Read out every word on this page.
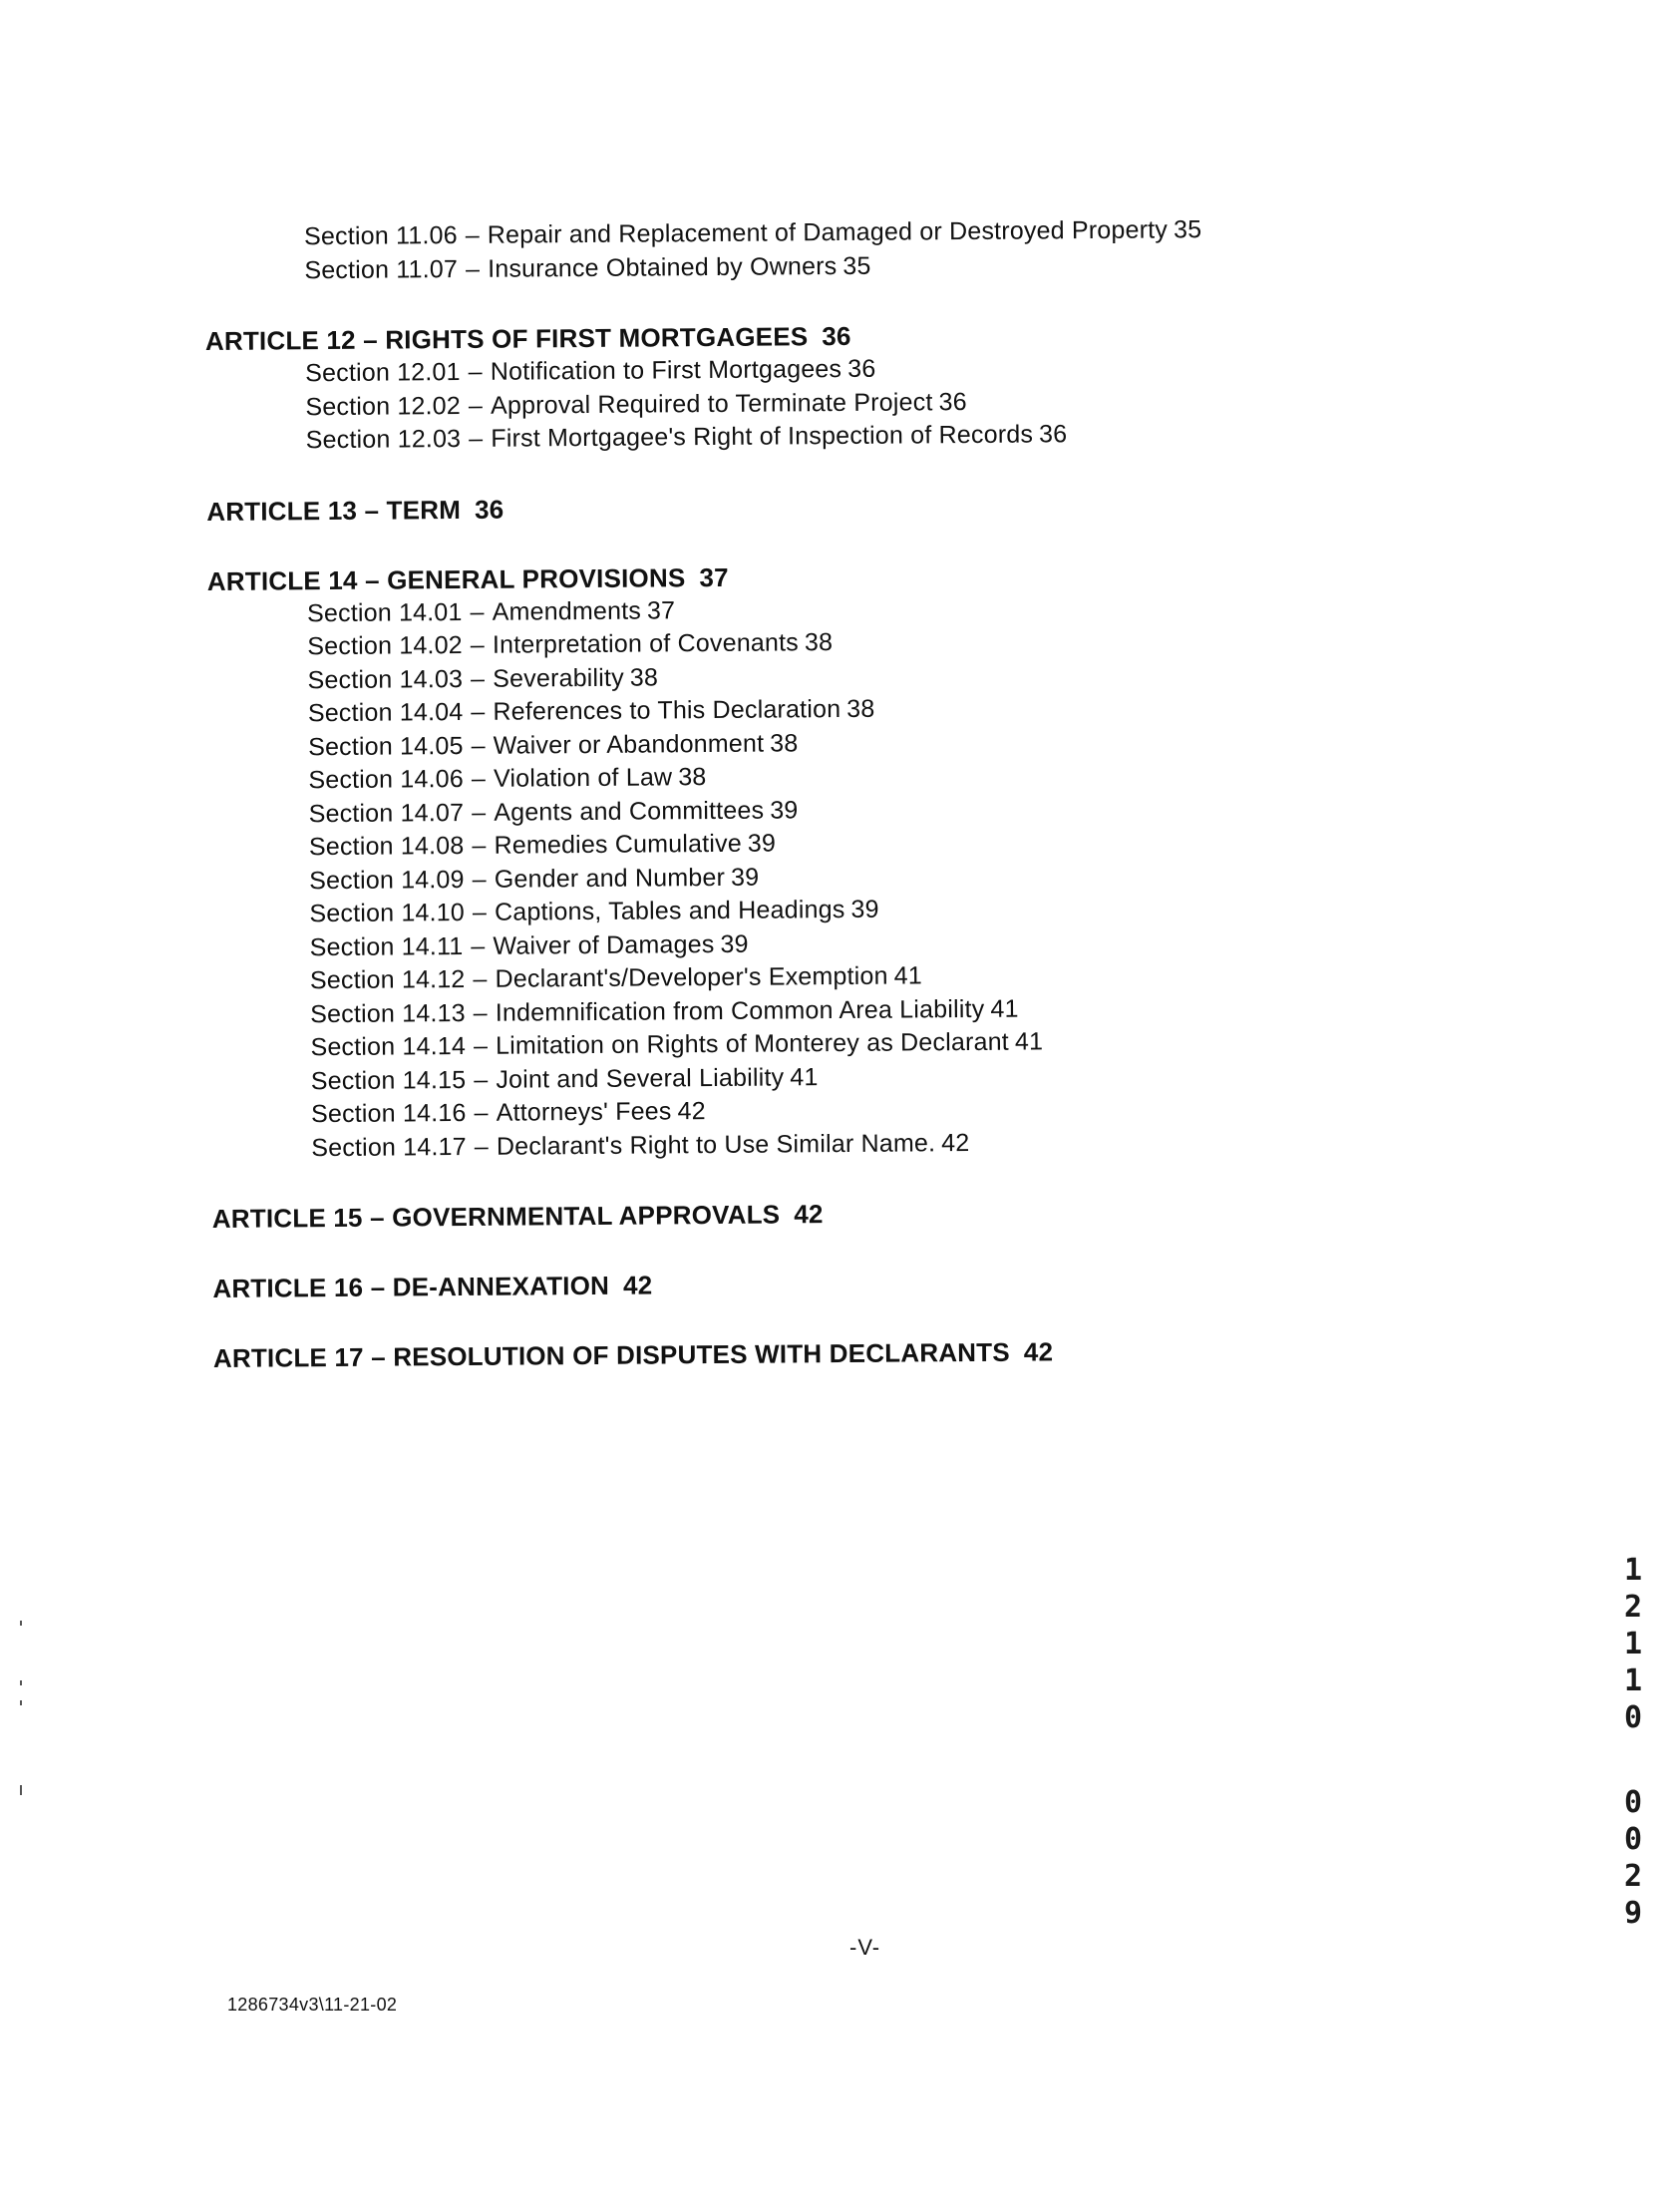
Section 11.06 – Repair and Replacement of Damaged or Destroyed Property 35
Section 11.07 – Insurance Obtained by Owners 35
ARTICLE 12 – RIGHTS OF FIRST MORTGAGEES 36
Section 12.01 – Notification to First Mortgagees 36
Section 12.02 – Approval Required to Terminate Project 36
Section 12.03 – First Mortgagee's Right of Inspection of Records 36
ARTICLE 13 – TERM 36
ARTICLE 14 – GENERAL PROVISIONS 37
Section 14.01 – Amendments 37
Section 14.02 – Interpretation of Covenants 38
Section 14.03 – Severability 38
Section 14.04 – References to This Declaration 38
Section 14.05 – Waiver or Abandonment 38
Section 14.06 – Violation of Law 38
Section 14.07 – Agents and Committees 39
Section 14.08 – Remedies Cumulative 39
Section 14.09 – Gender and Number 39
Section 14.10 – Captions, Tables and Headings 39
Section 14.11 – Waiver of Damages 39
Section 14.12 – Declarant's/Developer's Exemption 41
Section 14.13 – Indemnification from Common Area Liability 41
Section 14.14 – Limitation on Rights of Monterey as Declarant 41
Section 14.15 – Joint and Several Liability 41
Section 14.16 – Attorneys' Fees 42
Section 14.17 – Declarant's Right to Use Similar Name. 42
ARTICLE 15 – GOVERNMENTAL APPROVALS 42
ARTICLE 16 – DE-ANNEXATION 42
ARTICLE 17 – RESOLUTION OF DISPUTES WITH DECLARANTS 42
1
2
1
1
0
0
0
2
9
-V-
1286734v3\11-21-02
